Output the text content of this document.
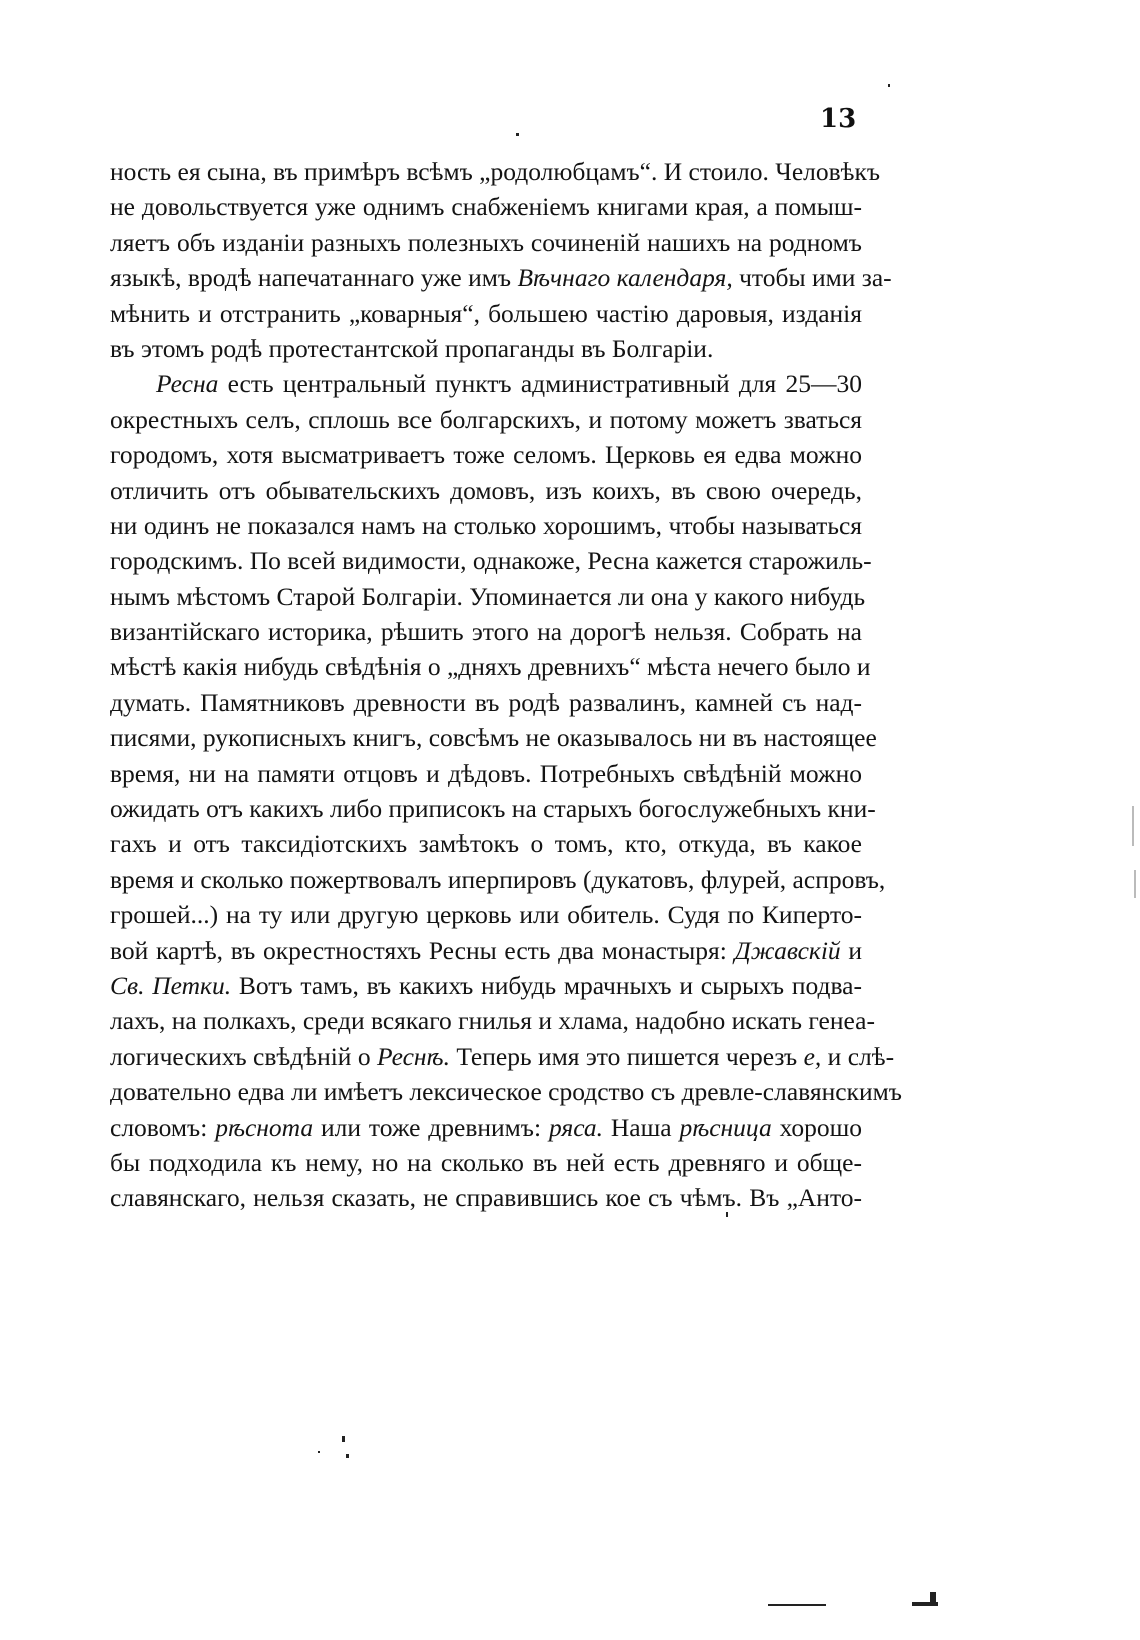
13
ность ея сына, въ примѣръ всѣмъ „родолюбцамъ“. И стоило. Человѣкъ
не довольствуется уже однимъ снабженіемъ книгами края, а помыш-
ляетъ объ изданіи разныхъ полезныхъ сочиненій нашихъ на родномъ
языкѣ, вродѣ напечатаннаго уже имъ Вѣчнаго календаря, чтобы ими за-
мѣнить и отстранить „коварныя“, большею частію даровыя, изданія
въ этомъ родѣ протестантской пропаганды въ Болгаріи.
Ресна есть центральный пунктъ административный для 25—30
окрестныхъ селъ, сплошь все болгарскихъ, и потому можетъ зваться
городомъ, хотя высматриваетъ тоже селомъ. Церковь ея едва можно
отличить отъ обывательскихъ домовъ, изъ коихъ, въ свою очередь,
ни одинъ не показался намъ на столько хорошимъ, чтобы называться
городскимъ. По всей видимости, однакоже, Ресна кажется старожиль-
нымъ мѣстомъ Старой Болгаріи. Упоминается ли она у какого нибудь
византійскаго историка, рѣшить этого на дорогѣ нельзя. Собрать на
мѣстѣ какія нибудь свѣдѣнія о „дняхъ древнихъ“ мѣста нечего было и
думать. Памятниковъ древности въ родѣ развалинъ, камней съ над-
писями, рукописныхъ книгъ, совсѣмъ не оказывалось ни въ настоящее
время, ни на памяти отцовъ и дѣдовъ. Потребныхъ свѣдѣній можно
ожидать отъ какихъ либо приписокъ на старыхъ богослужебныхъ кни-
гахъ и отъ таксидіотскихъ замѣтокъ о томъ, кто, откуда, въ какое
время и сколько пожертвовалъ иперпировъ (дукатовъ, флурей, аспровъ,
грошей...) на ту или другую церковь или обитель. Судя по Киперто-
вой картѣ, въ окрестностяхъ Ресны есть два монастыря: Джавскій и
Св. Петки. Вотъ тамъ, въ какихъ нибудь мрачныхъ и сырыхъ подва-
лахъ, на полкахъ, среди всякаго гнилья и хлама, надобно искать генеа-
логическихъ свѣдѣній о Реснѣ. Теперь имя это пишется черезъ е, и слѣ-
довательно едва ли имѣетъ лексическое сродство съ древле-славянскимъ
словомъ: рѣснота или тоже древнимъ: ряса. Наша рѣсница хорошо
бы подходила къ нему, но на сколько въ ней есть древняго и обще-
славянскаго, нельзя сказать, не справившись кое съ чѣмъ. Въ „Анто-
